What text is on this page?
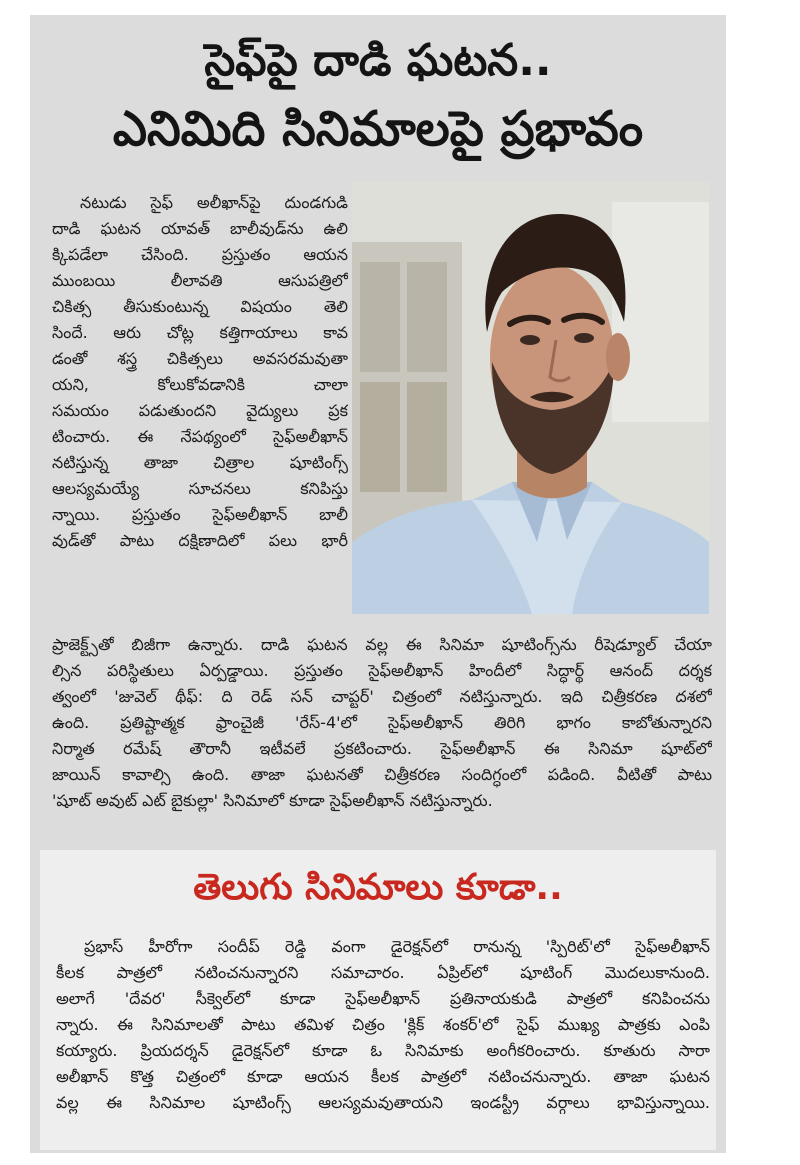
సైఫ్‌పై దాడి ఘటన..
ఎనిమిది సినిమాలపై ప్రభావం
నటుడు సైఫ్ అలీఖాన్‌పై దుండగుడి
దాడి ఘటన యావత్ బాలీవుడ్‌ను ఉలి
క్కిపడేలా చేసింది. ప్రస్తుతం ఆయన
ముంబయి లీలావతి ఆసుపత్రిలో
చికిత్స తీసుకుంటున్న విషయం తెలి
సిందే. ఆరు చోట్ల కత్తిగాయాలు కావ
డంతో శస్త్ర చికిత్సలు అవసరమవుతా
యని, కోలుకోవడానికి చాలా
సమయం పడుతుందని వైద్యులు ప్రక
టించారు. ఈ నేపథ్యంలో సైఫ్‌అలీఖాన్
నటిస్తున్న తాజా చిత్రాల షూటింగ్స్
ఆలస్యమయ్యే సూచనలు కనిపిస్తు
న్నాయి. ప్రస్తుతం సైఫ్‌అలీఖాన్ బాలీ
వుడ్‌తో పాటు దక్షిణాదిలో పలు భారీ
ప్రాజెక్ట్స్‌తో బిజీగా ఉన్నారు. దాడి ఘటన వల్ల ఈ సినిమా షూటింగ్స్‌ను రీషెడ్యూల్ చేయా
ల్సిన పరిస్థితులు ఏర్పడ్డాయి. ప్రస్తుతం సైఫ్‌అలీఖాన్ హిందీలో సిద్ధార్థ్ ఆనంద్ దర్శక
త్వంలో 'జువెల్ థీఫ్: ది రెడ్ సన్ చాప్టర్' చిత్రంలో నటిస్తున్నారు. ఇది చిత్రీకరణ దశలో
ఉంది. ప్రతిష్టాత్మక ఫ్రాంచైజీ 'రేస్-4'లో సైఫ్‌అలీఖాన్ తిరిగి భాగం కాబోతున్నారని
నిర్మాత రమేష్ తౌరానీ ఇటీవలే ప్రకటించారు. సైఫ్‌అలీఖాన్ ఈ సినిమా షూట్‌లో
జాయిన్ కావాల్సి ఉంది. తాజా ఘటనతో చిత్రీకరణ సందిగ్ధంలో పడింది. వీటితో పాటు
'షూట్ అవుట్ ఎట్ బైకుల్లా' సినిమాలో కూడా సైఫ్‌అలీఖాన్ నటిస్తున్నారు.
తెలుగు సినిమాలు కూడా..
ప్రభాస్ హీరోగా సందీప్ రెడ్డి వంగా డైరెక్షన్‌లో రానున్న 'స్పిరిట్'లో సైఫ్‌అలీఖాన్
కీలక పాత్రలో నటించనున్నారని సమాచారం. ఏప్రిల్‌లో షూటింగ్ మొదలుకానుంది.
అలాగే 'దేవర' సీక్వెల్‌లో కూడా సైఫ్‌అలీఖాన్ ప్రతినాయకుడి పాత్రలో కనిపించను
న్నారు. ఈ సినిమాలతో పాటు తమిళ చిత్రం 'క్లిక్ శంకర్'లో సైఫ్ ముఖ్య పాత్రకు ఎంపి
కయ్యారు. ప్రియదర్శన్ డైరెక్షన్‌లో కూడా ఓ సినిమాకు అంగీకరించారు. కూతురు సారా
అలీఖాన్ కొత్త చిత్రంలో కూడా ఆయన కీలక పాత్రలో నటించనున్నారు. తాజా ఘటన
వల్ల ఈ సినిమాల షూటింగ్స్ ఆలస్యమవుతాయని ఇండస్ట్రీ వర్గాలు భావిస్తున్నాయి.
